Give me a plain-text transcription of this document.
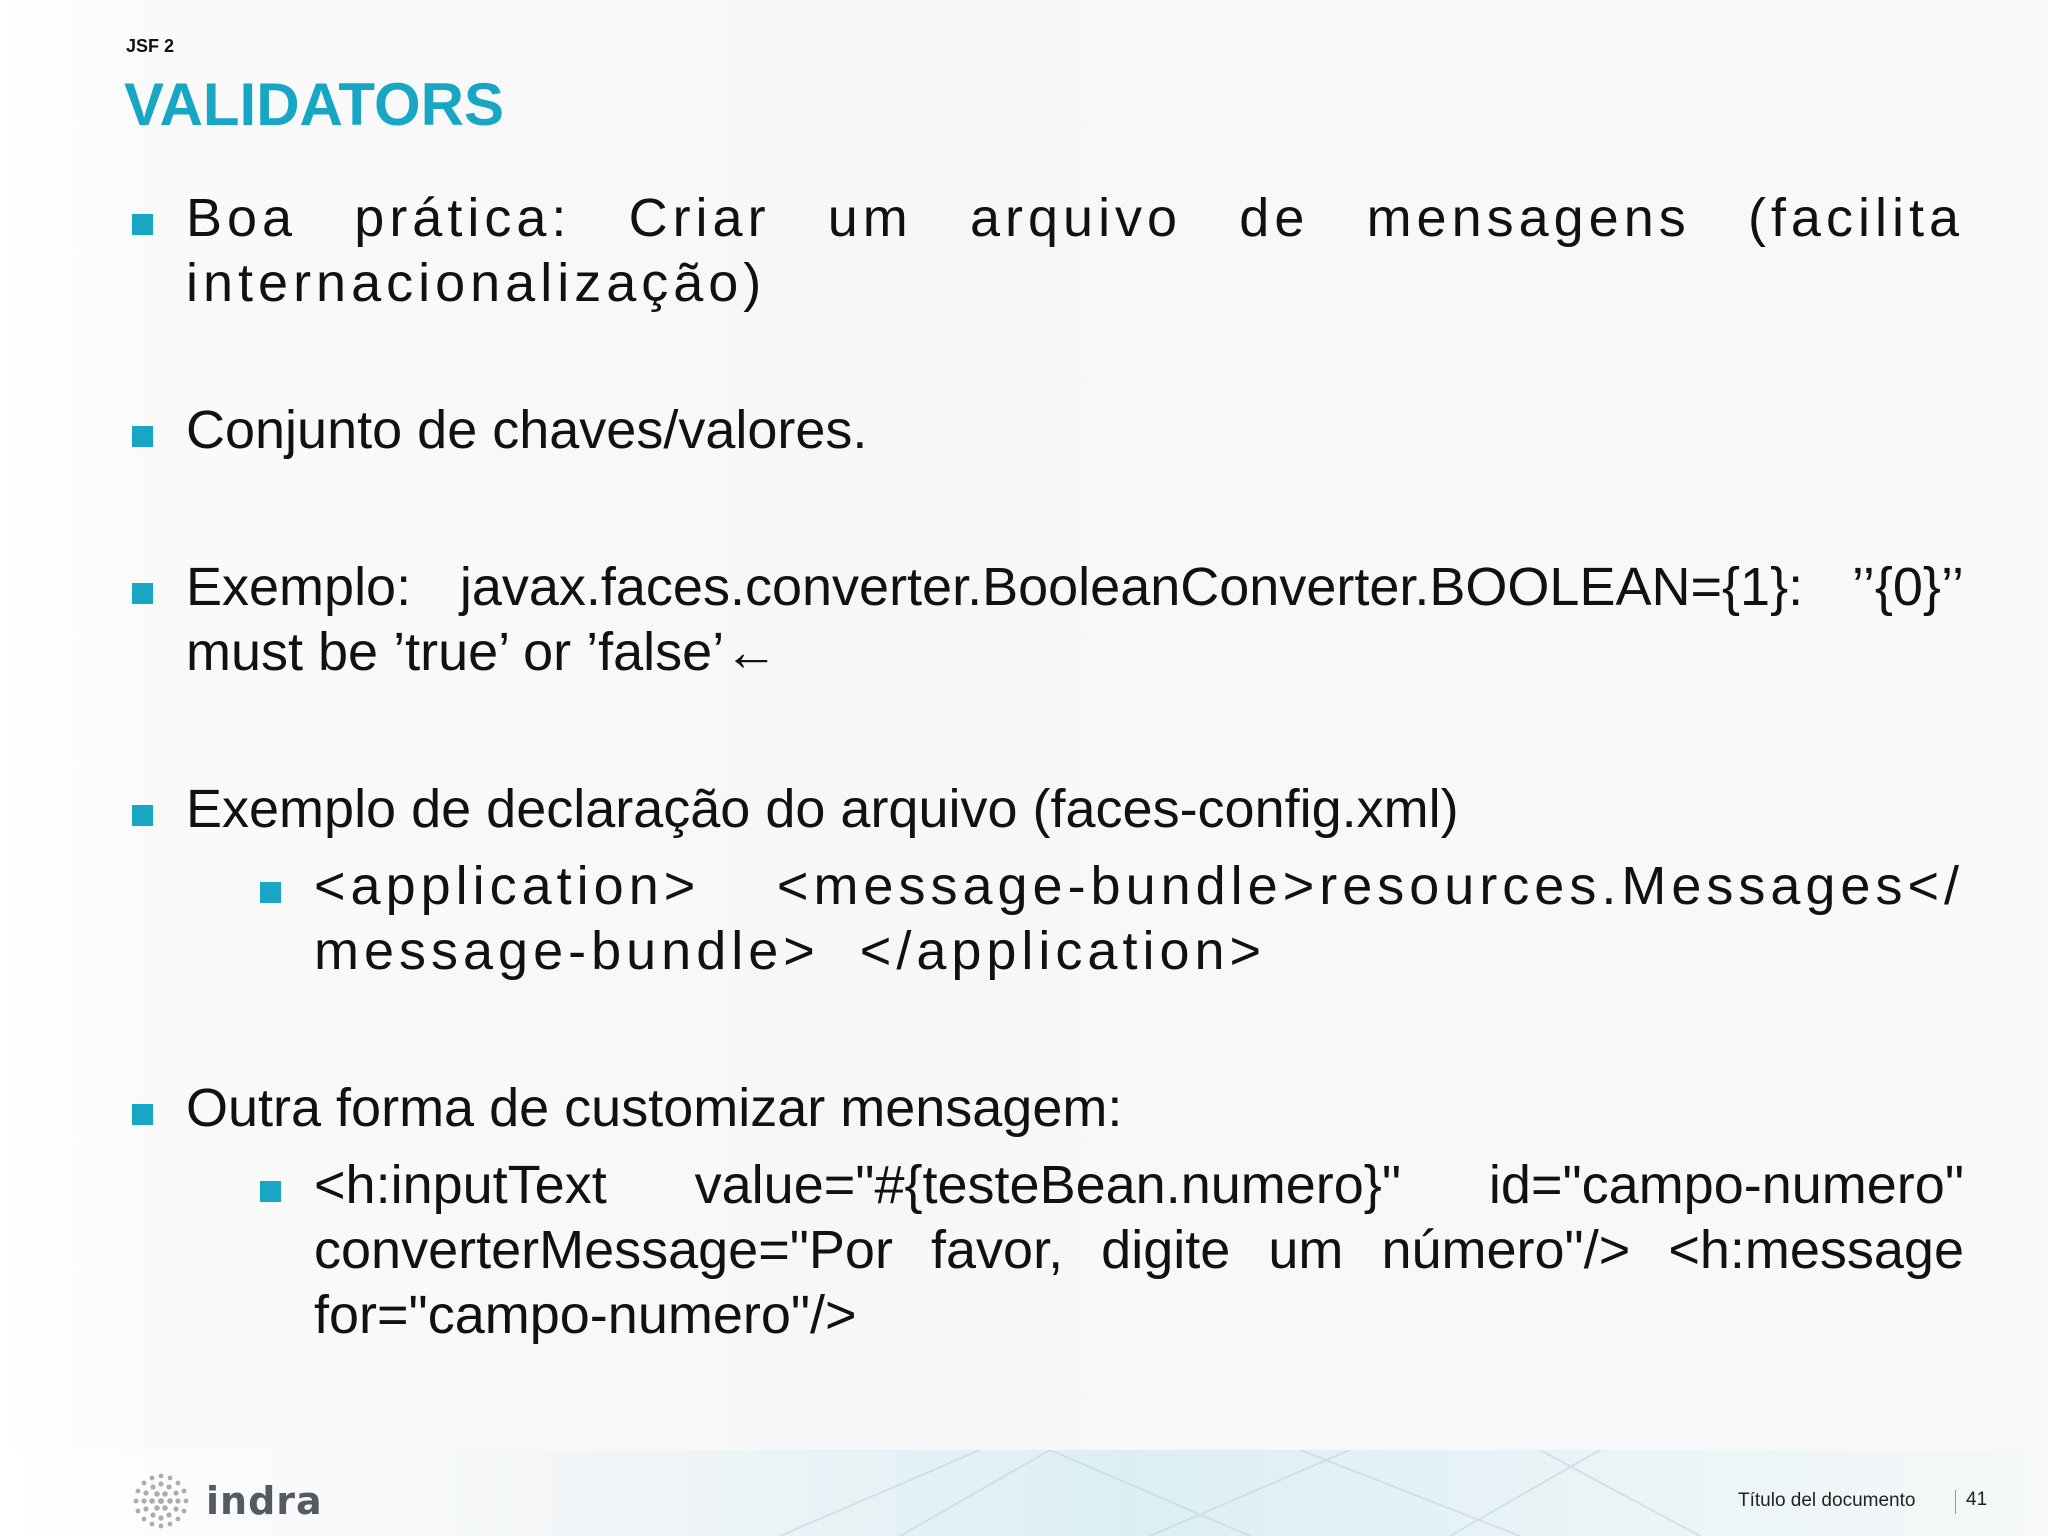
JSF 2
VALIDATORS
Boa prática: Criar um arquivo de mensagens (facilita internacionalização)
Conjunto de chaves/valores.
Exemplo: javax.faces.converter.BooleanConverter.BOOLEAN={1}: ’’{0}’’ must be ’true’ or ’false’←
Exemplo de declaração do arquivo (faces-config.xml)
<application> <message-bundle>resources.Messages</ message-bundle> </application>
Outra forma de customizar mensagem:
<h:inputText value="#{testeBean.numero}" id="campo-numero" converterMessage="Por favor, digite um número"/> <h:message for="campo-numero"/>
indra	Título del documento	41
